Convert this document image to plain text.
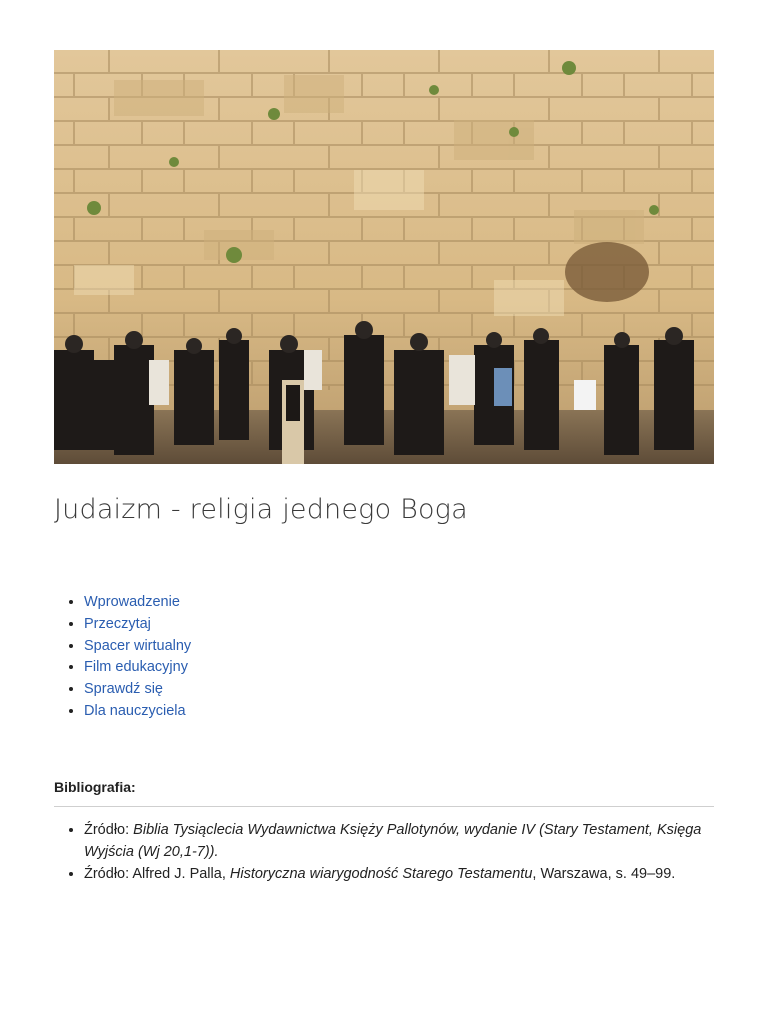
Judaizm - religia jednego Boga
• Wprowadzenie
• Przeczytaj
• Spacer wirtualny
• Film edukacyjny
• Sprawdź się
• Dla nauczyciela
Bibliografia:
• Źródło: Biblia Tysiąclecia Wydawnictwa Księży Pallotynów, wydanie IV (Stary Testament, Księga Wyjścia (Wj 20,1-7)).
• Źródło: Alfred J. Palla, Historyczna wiarygodność Starego Testamentu, Warszawa, s. 49–99.
